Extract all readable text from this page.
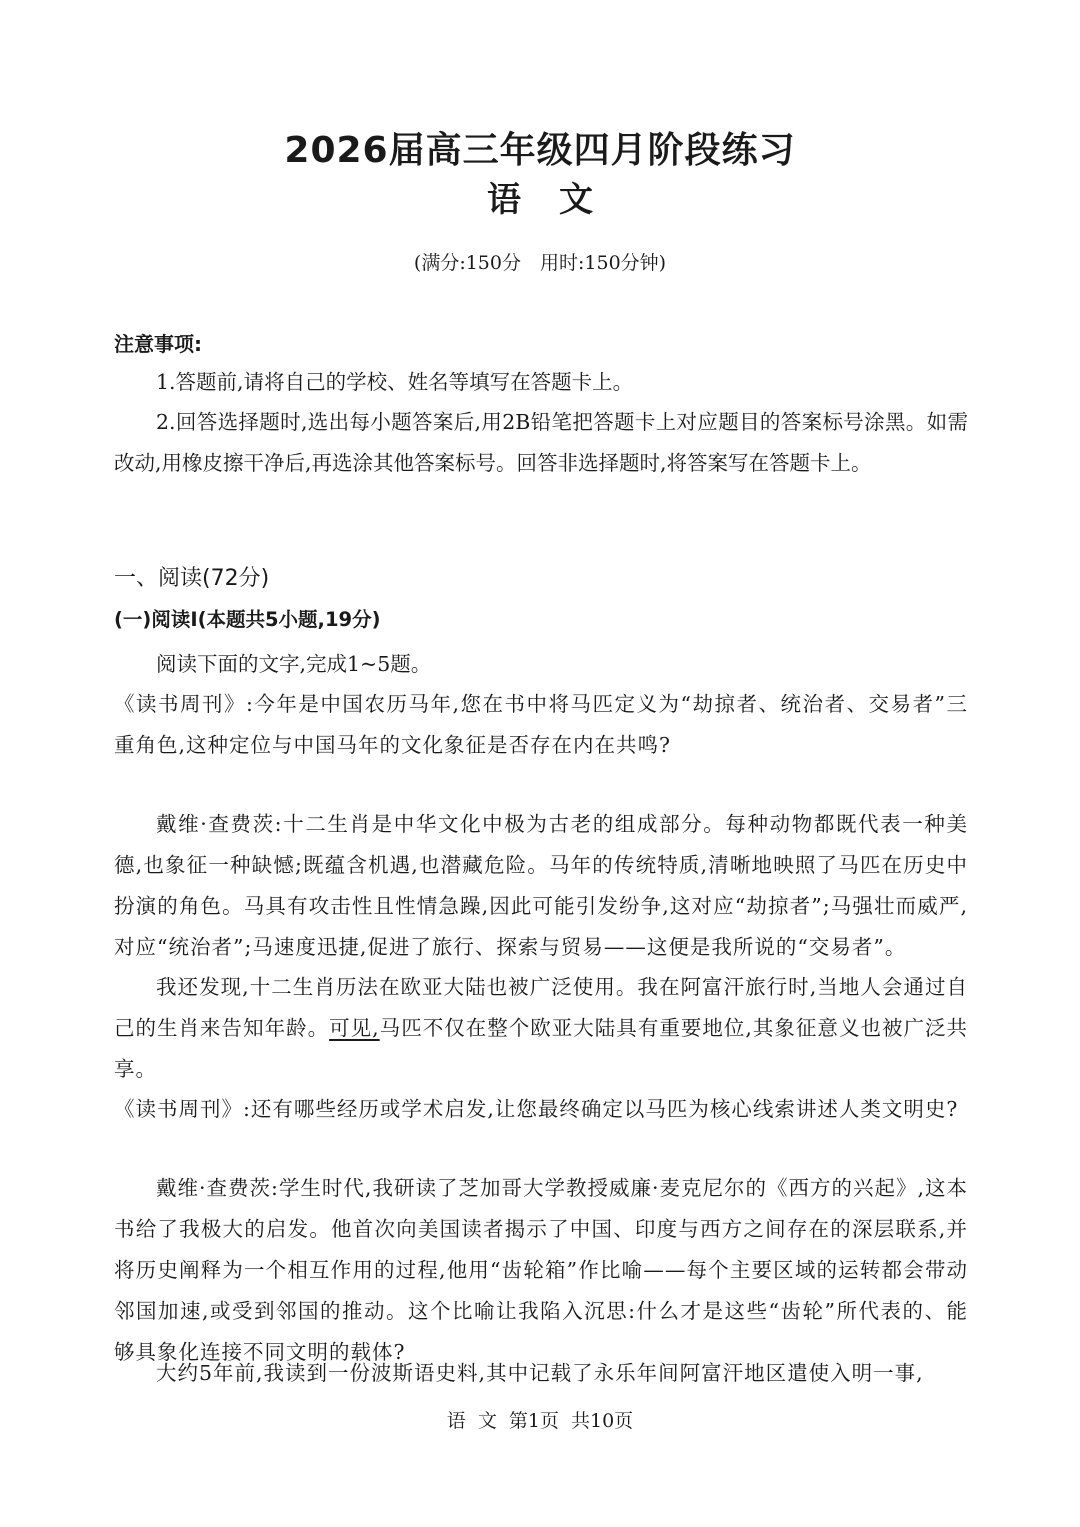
2026届高三年级四月阶段练习
语文
(满分:150分　用时:150分钟)
注意事项:
1.答题前,请将自己的学校、姓名等填写在答题卡上。
2.回答选择题时,选出每小题答案后,用2B铅笔把答题卡上对应题目的答案标号涂黑。如需改动,用橡皮擦干净后,再选涂其他答案标号。回答非选择题时,将答案写在答题卡上。
一、阅读(72分)
(一)阅读Ⅰ(本题共5小题,19分)
阅读下面的文字,完成1~5题。
《读书周刊》:今年是中国农历马年,您在书中将马匹定义为“劫掠者、统治者、交易者”三重角色,这种定位与中国马年的文化象征是否存在内在共鸣?
戴维·查费茨:十二生肖是中华文化中极为古老的组成部分。每种动物都既代表一种美德,也象征一种缺憾;既蕴含机遇,也潜藏危险。马年的传统特质,清晰地映照了马匹在历史中扮演的角色。马具有攻击性且性情急躁,因此可能引发纷争,这对应“劫掠者”;马强壮而威严,对应“统治者”;马速度迅捷,促进了旅行、探索与贸易——这便是我所说的“交易者”。
我还发现,十二生肖历法在欧亚大陆也被广泛使用。我在阿富汗旅行时,当地人会通过自己的生肖来告知年龄。可见,马匹不仅在整个欧亚大陆具有重要地位,其象征意义也被广泛共享。
《读书周刊》:还有哪些经历或学术启发,让您最终确定以马匹为核心线索讲述人类文明史?
戴维·查费茨:学生时代,我研读了芝加哥大学教授威廉·麦克尼尔的《西方的兴起》,这本书给了我极大的启发。他首次向美国读者揭示了中国、印度与西方之间存在的深层联系,并将历史阐释为一个相互作用的过程,他用“齿轮箱”作比喻——每个主要区域的运转都会带动邻国加速,或受到邻国的推动。这个比喻让我陷入沉思:什么才是这些“齿轮”所代表的、能够具象化连接不同文明的载体?
大约5年前,我读到一份波斯语史料,其中记载了永乐年间阿富汗地区遣使入明一事,
语 文 第1页 共10页
